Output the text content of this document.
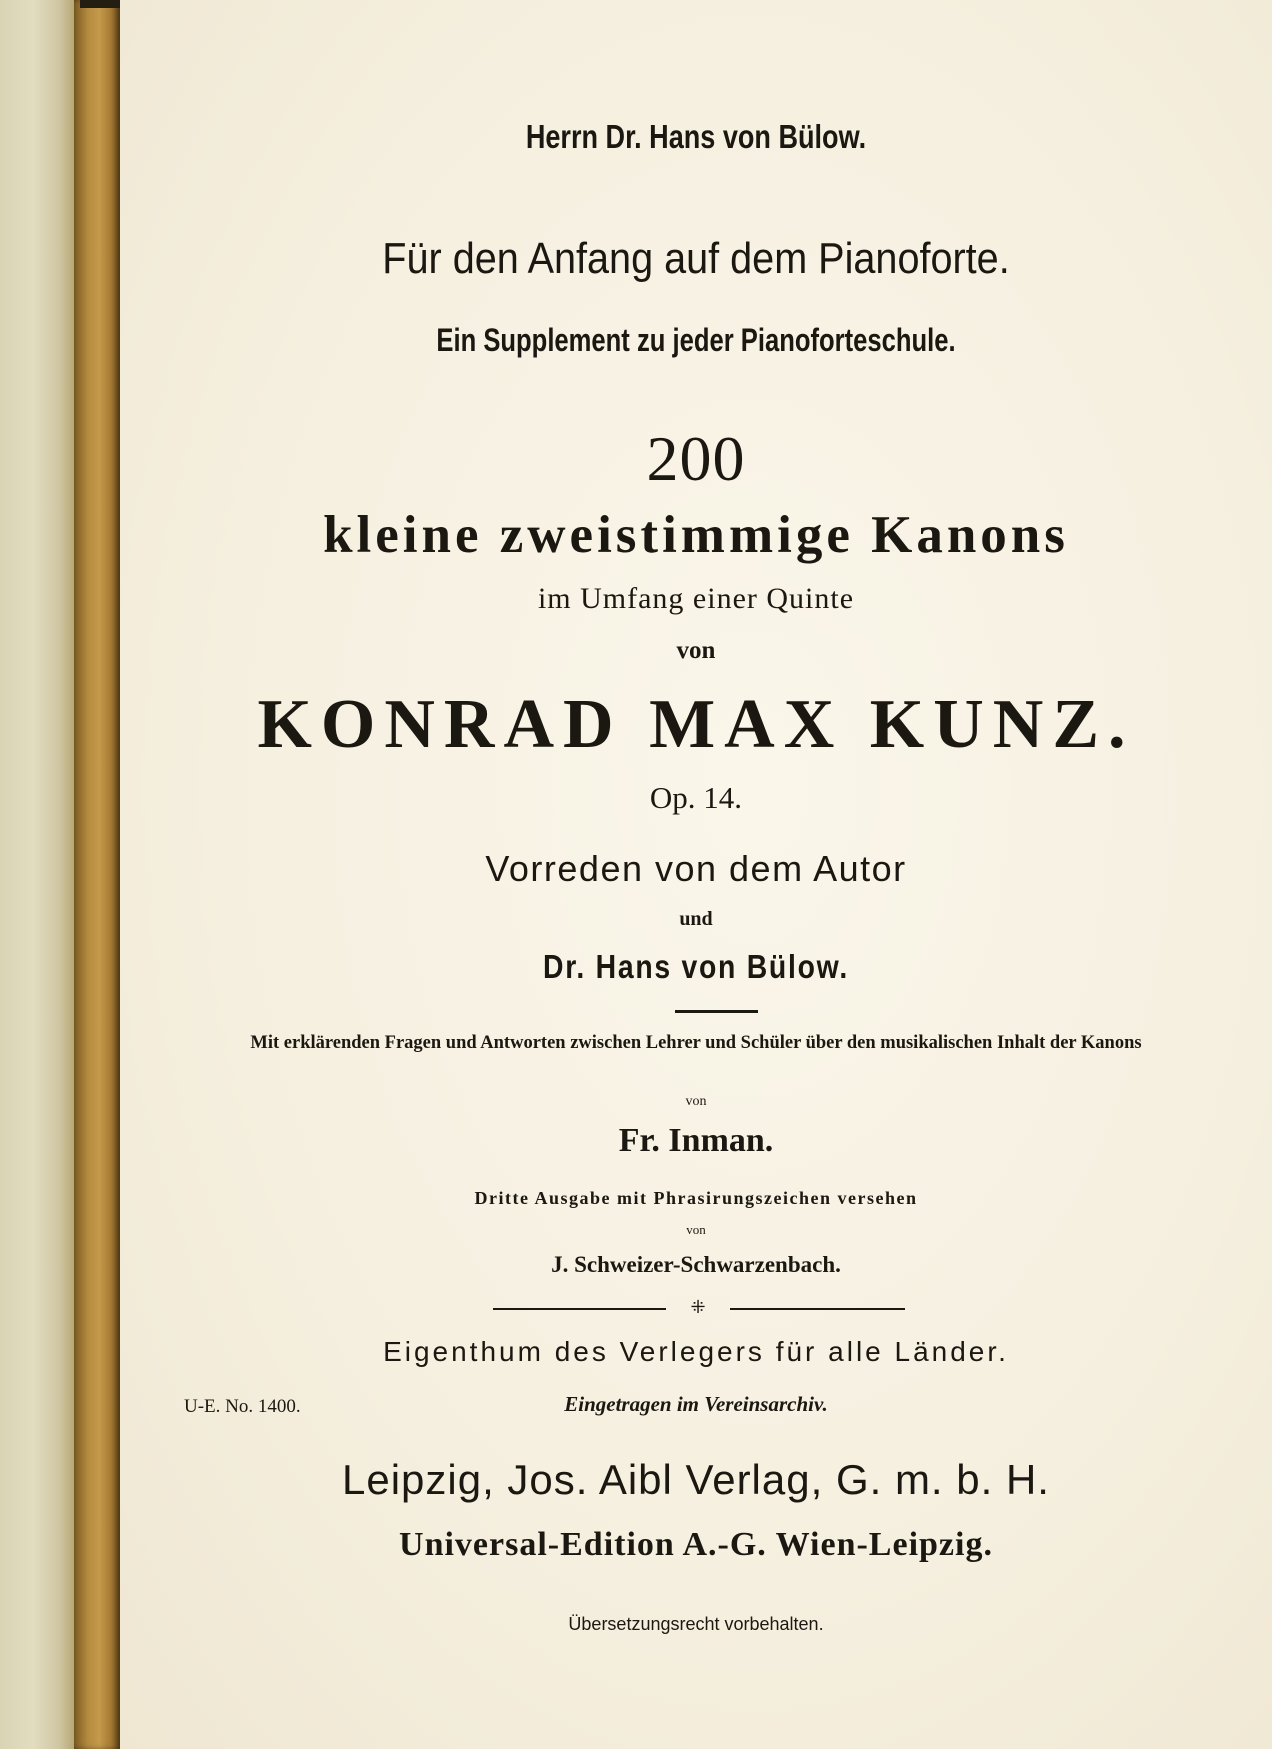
Herrn Dr. Hans von Bülow.
Für den Anfang auf dem Pianoforte.
Ein Supplement zu jeder Pianoforteschule.
200
kleine zweistimmige Kanons
im Umfang einer Quinte
von
KONRAD MAX KUNZ.
Op. 14.
Vorreden von dem Autor
und
Dr. Hans von Bülow.
Mit erklärenden Fragen und Antworten zwischen Lehrer und Schüler über den musikalischen Inhalt der Kanons
von
Fr. Inman.
Dritte Ausgabe mit Phrasirungszeichen versehen
von
J. Schweizer-Schwarzenbach.
⁜
Eigenthum des Verlegers für alle Länder.
U-E. No. 1400.	Eingetragen im Vereinsarchiv.
Leipzig, Jos. Aibl Verlag, G. m. b. H.
Universal-Edition A.-G. Wien-Leipzig.
Übersetzungsrecht vorbehalten.
